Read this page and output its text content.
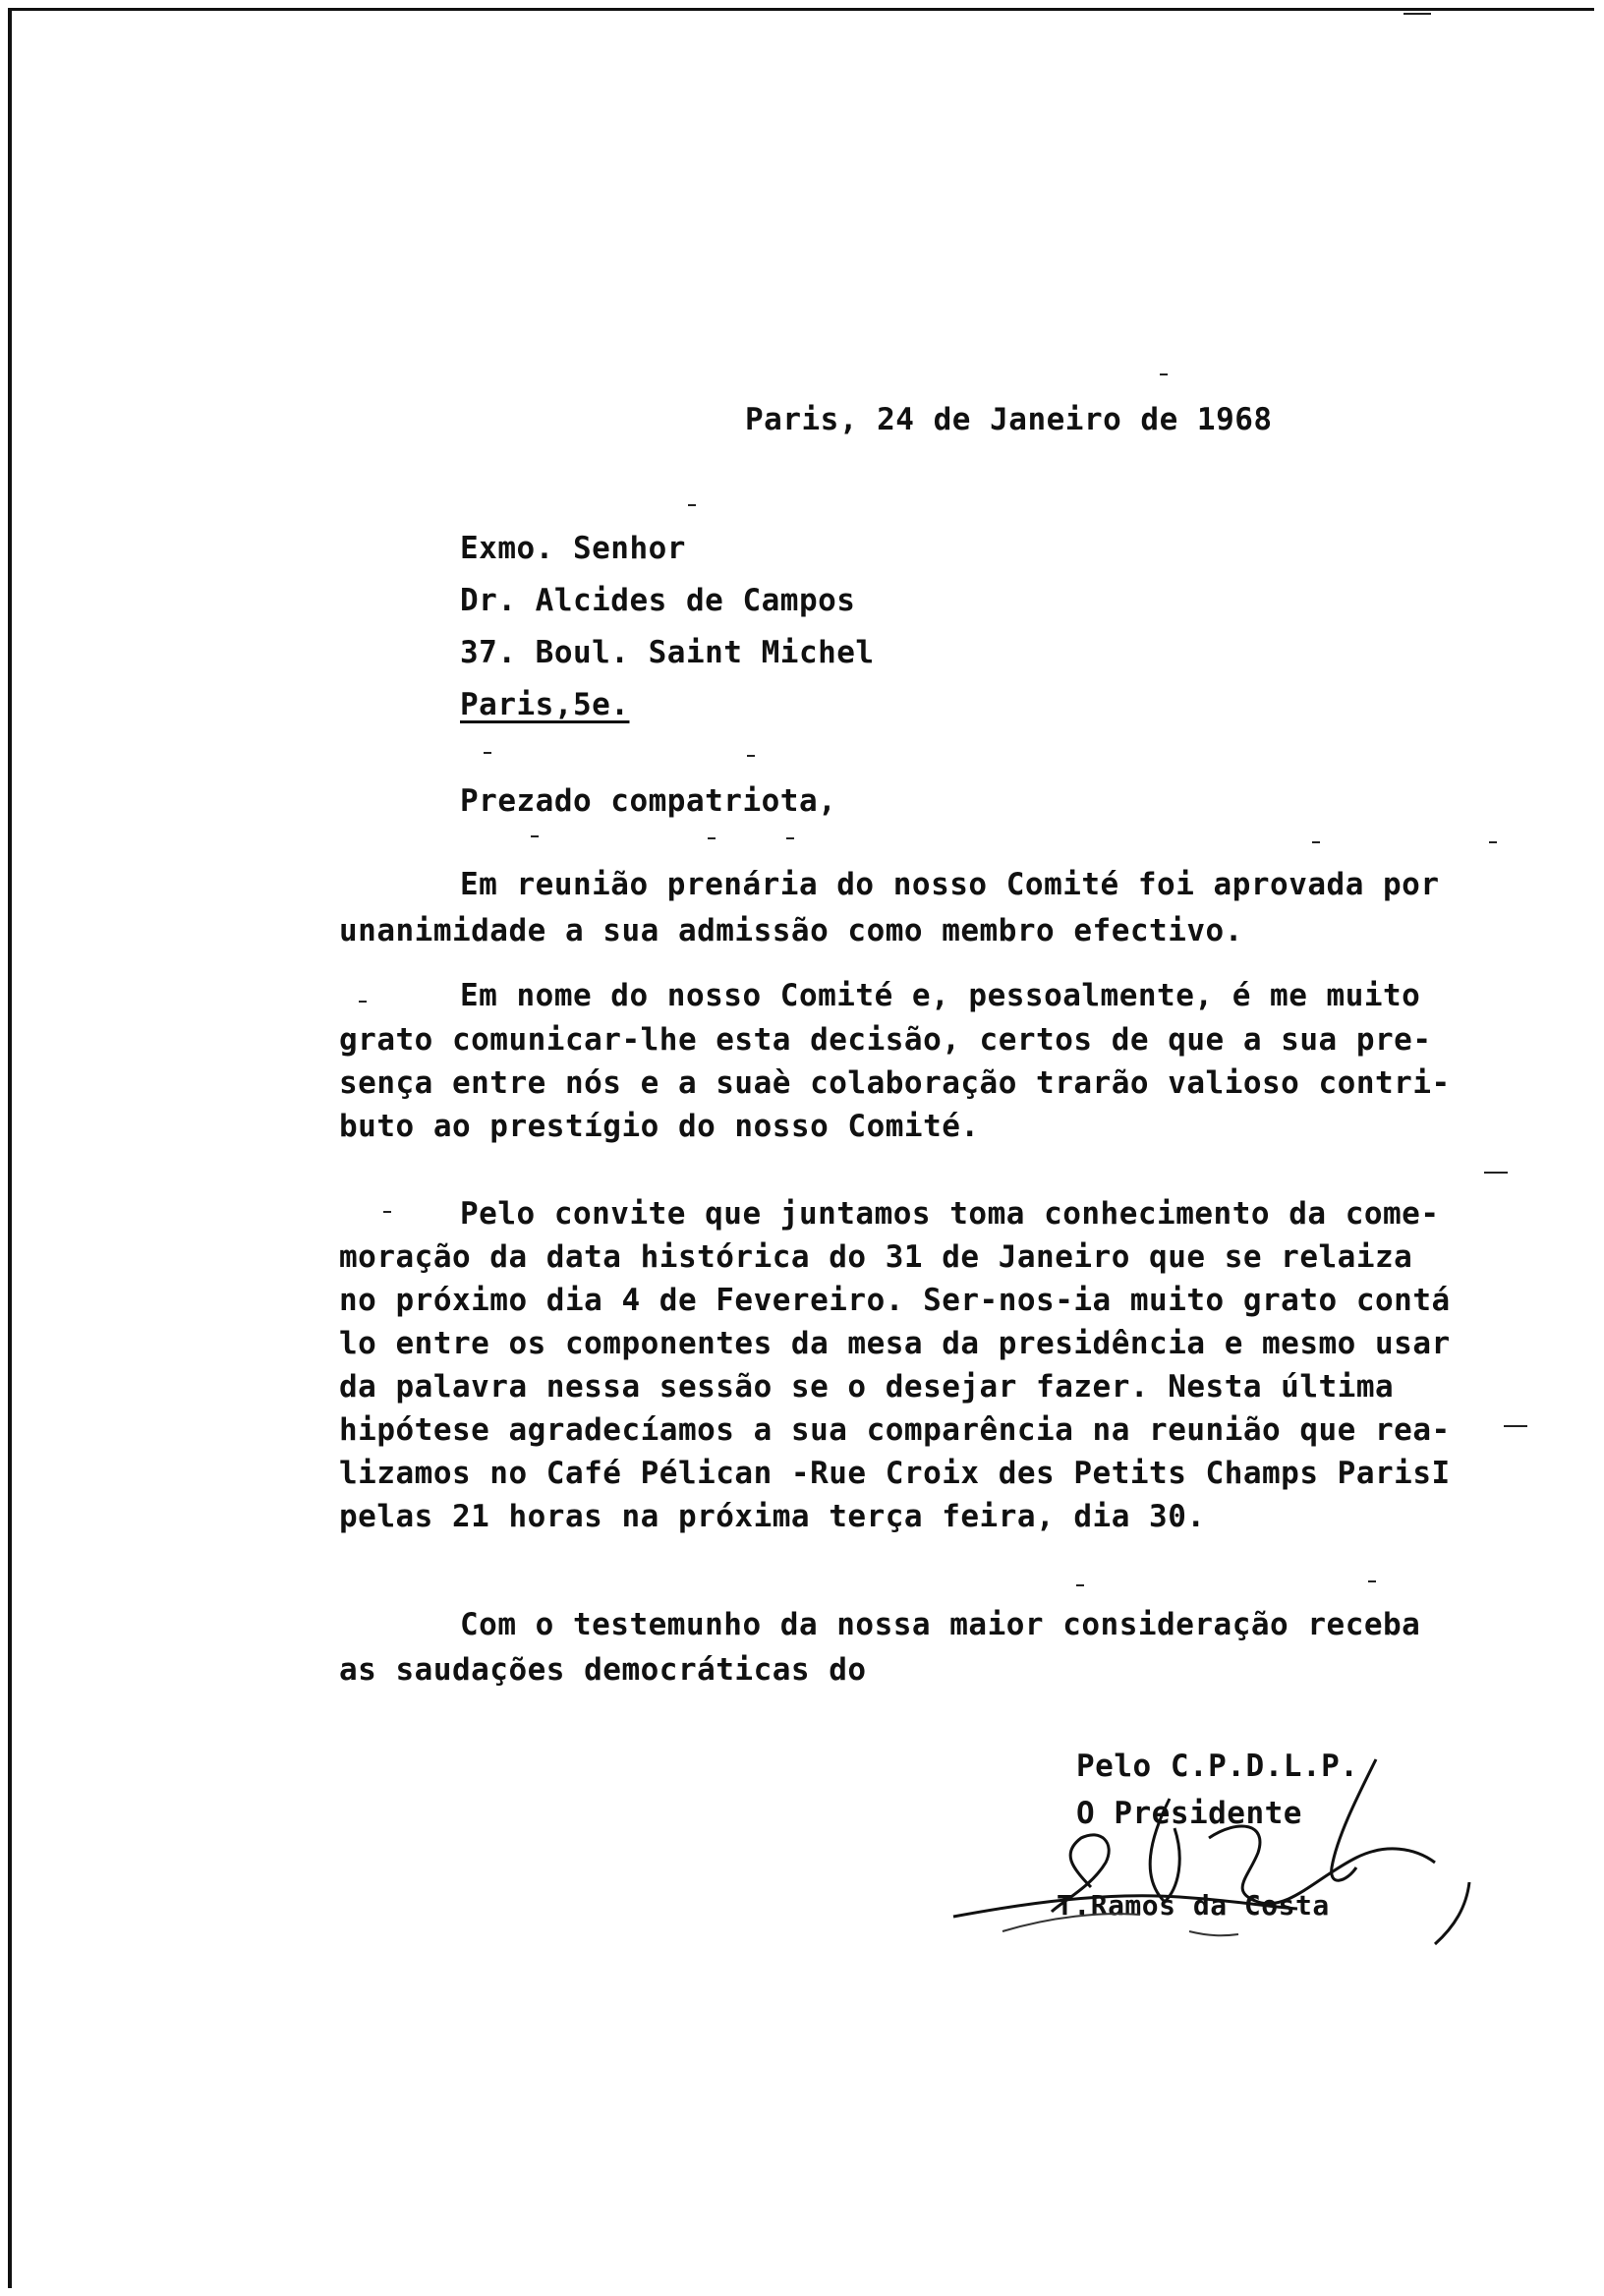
Paris, 24 de Janeiro de 1968
Exmo. Senhor
Dr. Alcides de Campos
37. Boul. Saint Michel
Paris,5e.
Prezado compatriota,
Em reunião prenária do nosso Comité foi aprovada por
unanimidade a sua admissão como membro efectivo.
Em nome do nosso Comité e, pessoalmente, é me muito
grato comunicar-lhe esta decisão, certos de que a sua pre-
sença entre nós e a suaè colaboração trarão valioso contri-
buto ao prestígio do nosso Comité.
Pelo convite que juntamos toma conhecimento da come-
moração da data histórica do 31 de Janeiro que se relaiza
no próximo dia 4 de Fevereiro. Ser-nos-ia muito grato contá
lo entre os componentes da mesa da presidência e mesmo usar
da palavra nessa sessão se o desejar fazer. Nesta última
hipótese agradecíamos a sua comparência na reunião que rea-
lizamos no Café Pélican -Rue Croix des Petits Champs ParisI
pelas 21 horas na próxima terça feira, dia 30.
Com o testemunho da nossa maior consideração receba
as saudações democráticas do
Pelo C.P.D.L.P.
O Presidente
T.Ramos da Costa
